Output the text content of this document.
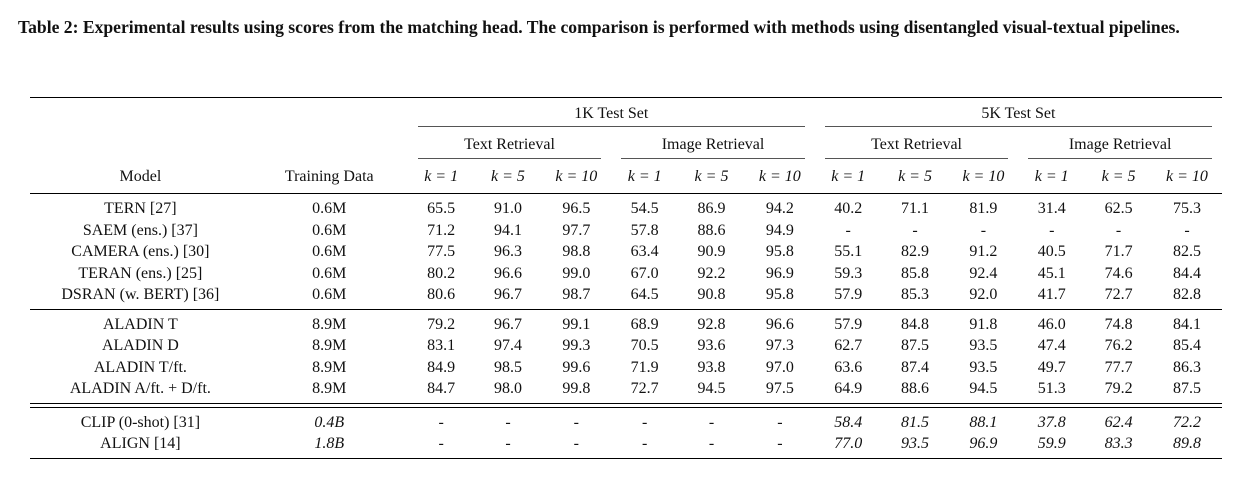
Table 2: Experimental results using scores from the matching head. The comparison is performed with methods using disentangled visual-textual pipelines.

		1K Test Set						5K Test Set					
		Text Retrieval			Image Retrieval			Text Retrieval			Image Retrieval		
Model	Training Data	k = 1	k = 5	k = 10	k = 1	k = 5	k = 10	k = 1	k = 5	k = 10	k = 1	k = 5	k = 10

TERN [27]	0.6M	65.5	91.0	96.5	54.5	86.9	94.2	40.2	71.1	81.9	31.4	62.5	75.3
SAEM (ens.) [37]	0.6M	71.2	94.1	97.7	57.8	88.6	94.9	-	-	-	-	-	-
CAMERA (ens.) [30]	0.6M	77.5	96.3	98.8	63.4	90.9	95.8	55.1	82.9	91.2	40.5	71.7	82.5
TERAN (ens.) [25]	0.6M	80.2	96.6	99.0	67.0	92.2	96.9	59.3	85.8	92.4	45.1	74.6	84.4
DSRAN (w. BERT) [36]	0.6M	80.6	96.7	98.7	64.5	90.8	95.8	57.9	85.3	92.0	41.7	72.7	82.8

ALADIN T	8.9M	79.2	96.7	99.1	68.9	92.8	96.6	57.9	84.8	91.8	46.0	74.8	84.1
ALADIN D	8.9M	83.1	97.4	99.3	70.5	93.6	97.3	62.7	87.5	93.5	47.4	76.2	85.4
ALADIN T/ft.	8.9M	84.9	98.5	99.6	71.9	93.8	97.0	63.6	87.4	93.5	49.7	77.7	86.3
ALADIN A/ft. + D/ft.	8.9M	84.7	98.0	99.8	72.7	94.5	97.5	64.9	88.6	94.5	51.3	79.2	87.5

CLIP (0-shot) [31]	0.4B	-	-	-	-	-	-	58.4	81.5	88.1	37.8	62.4	72.2
ALIGN [14]	1.8B	-	-	-	-	-	-	77.0	93.5	96.9	59.9	83.3	89.8
